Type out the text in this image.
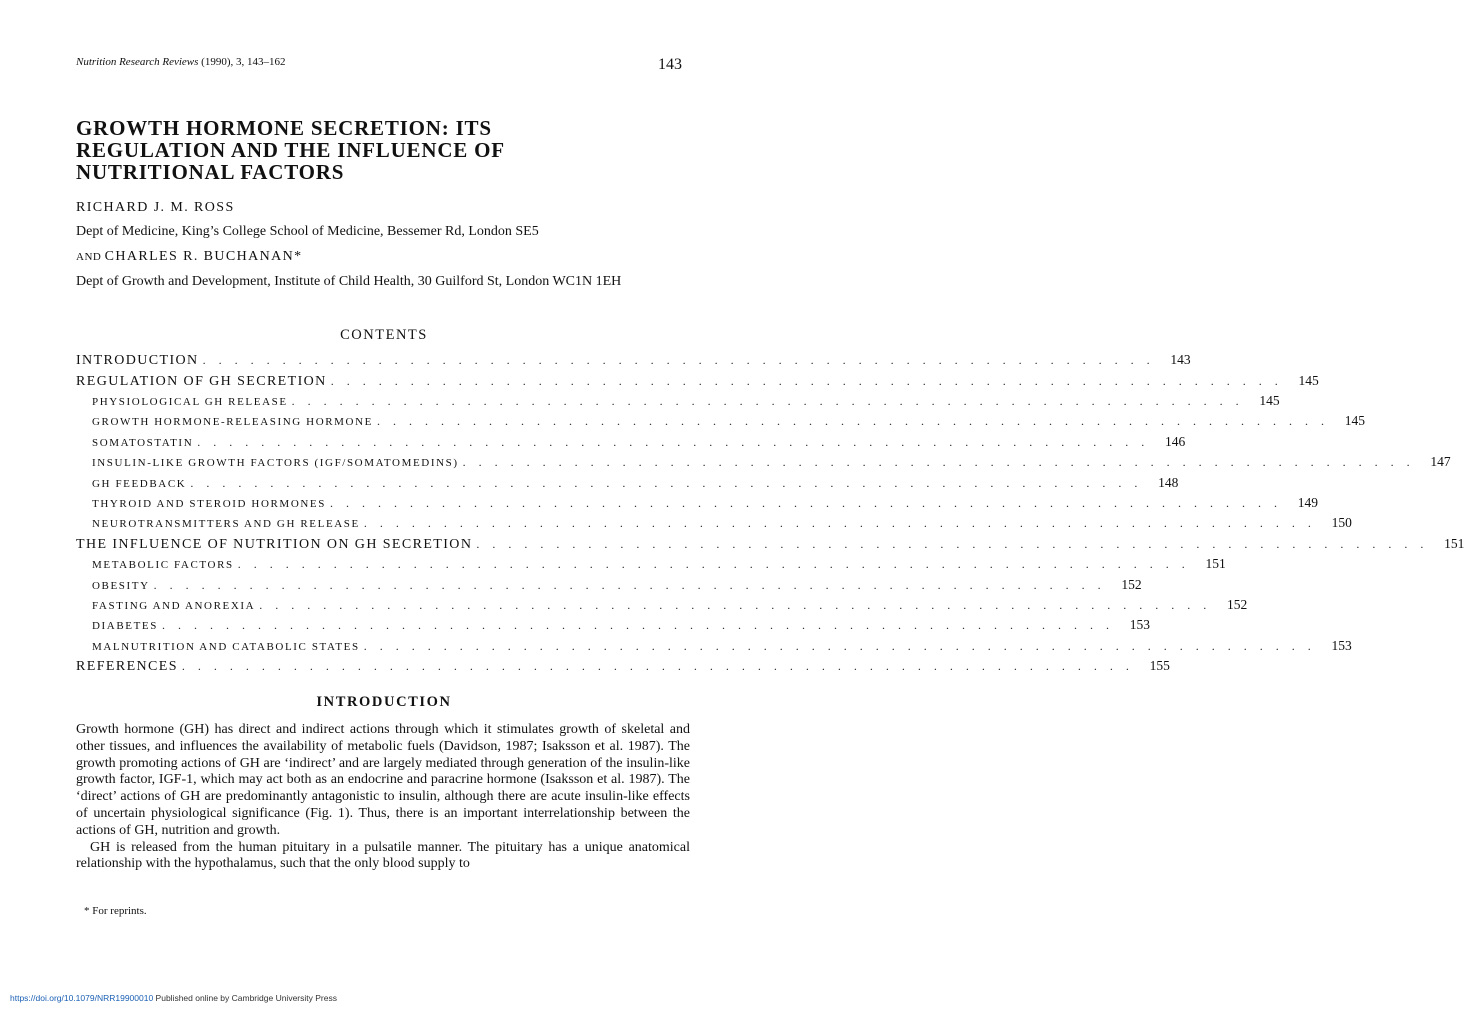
Nutrition Research Reviews (1990), 3, 143–162	143
GROWTH HORMONE SECRETION: ITS
REGULATION AND THE INFLUENCE OF
NUTRITIONAL FACTORS
RICHARD J. M. ROSS
Dept of Medicine, King’s College School of Medicine, Bessemer Rd, London SE5
AND CHARLES R. BUCHANAN*
Dept of Growth and Development, Institute of Child Health, 30 Guilford St, London WC1N 1EH
CONTENTS
INTRODUCTION ............................................................ 143
REGULATION OF GH SECRETION ............................................................ 145
PHYSIOLOGICAL GH RELEASE ............................................................ 145
GROWTH HORMONE-RELEASING HORMONE ............................................................ 145
SOMATOSTATIN ............................................................ 146
INSULIN-LIKE GROWTH FACTORS (IGF/SOMATOMEDINS) ............................................................ 147
GH FEEDBACK ............................................................ 148
THYROID AND STEROID HORMONES ............................................................ 149
NEUROTRANSMITTERS AND GH RELEASE ............................................................ 150
THE INFLUENCE OF NUTRITION ON GH SECRETION ............................................................ 151
METABOLIC FACTORS ............................................................ 151
OBESITY ............................................................ 152
FASTING AND ANOREXIA ............................................................ 152
DIABETES ............................................................ 153
MALNUTRITION AND CATABOLIC STATES ............................................................ 153
REFERENCES ............................................................ 155
INTRODUCTION

Growth hormone (GH) has direct and indirect actions through which it stimulates growth of skeletal and other tissues, and influences the availability of metabolic fuels (Davidson, 1987; Isaksson et al. 1987). The growth promoting actions of GH are ‘indirect’ and are largely mediated through generation of the insulin-like growth factor, IGF-1, which may act both as an endocrine and paracrine hormone (Isaksson et al. 1987). The ‘direct’ actions of GH are predominantly antagonistic to insulin, although there are acute insulin-like effects of uncertain physiological significance (Fig. 1). Thus, there is an important interrelationship between the actions of GH, nutrition and growth.

GH is released from the human pituitary in a pulsatile manner. The pituitary has a unique anatomical relationship with the hypothalamus, such that the only blood supply to

* For reprints.
https://doi.org/10.1079/NRR19900010 Published online by Cambridge University Press
